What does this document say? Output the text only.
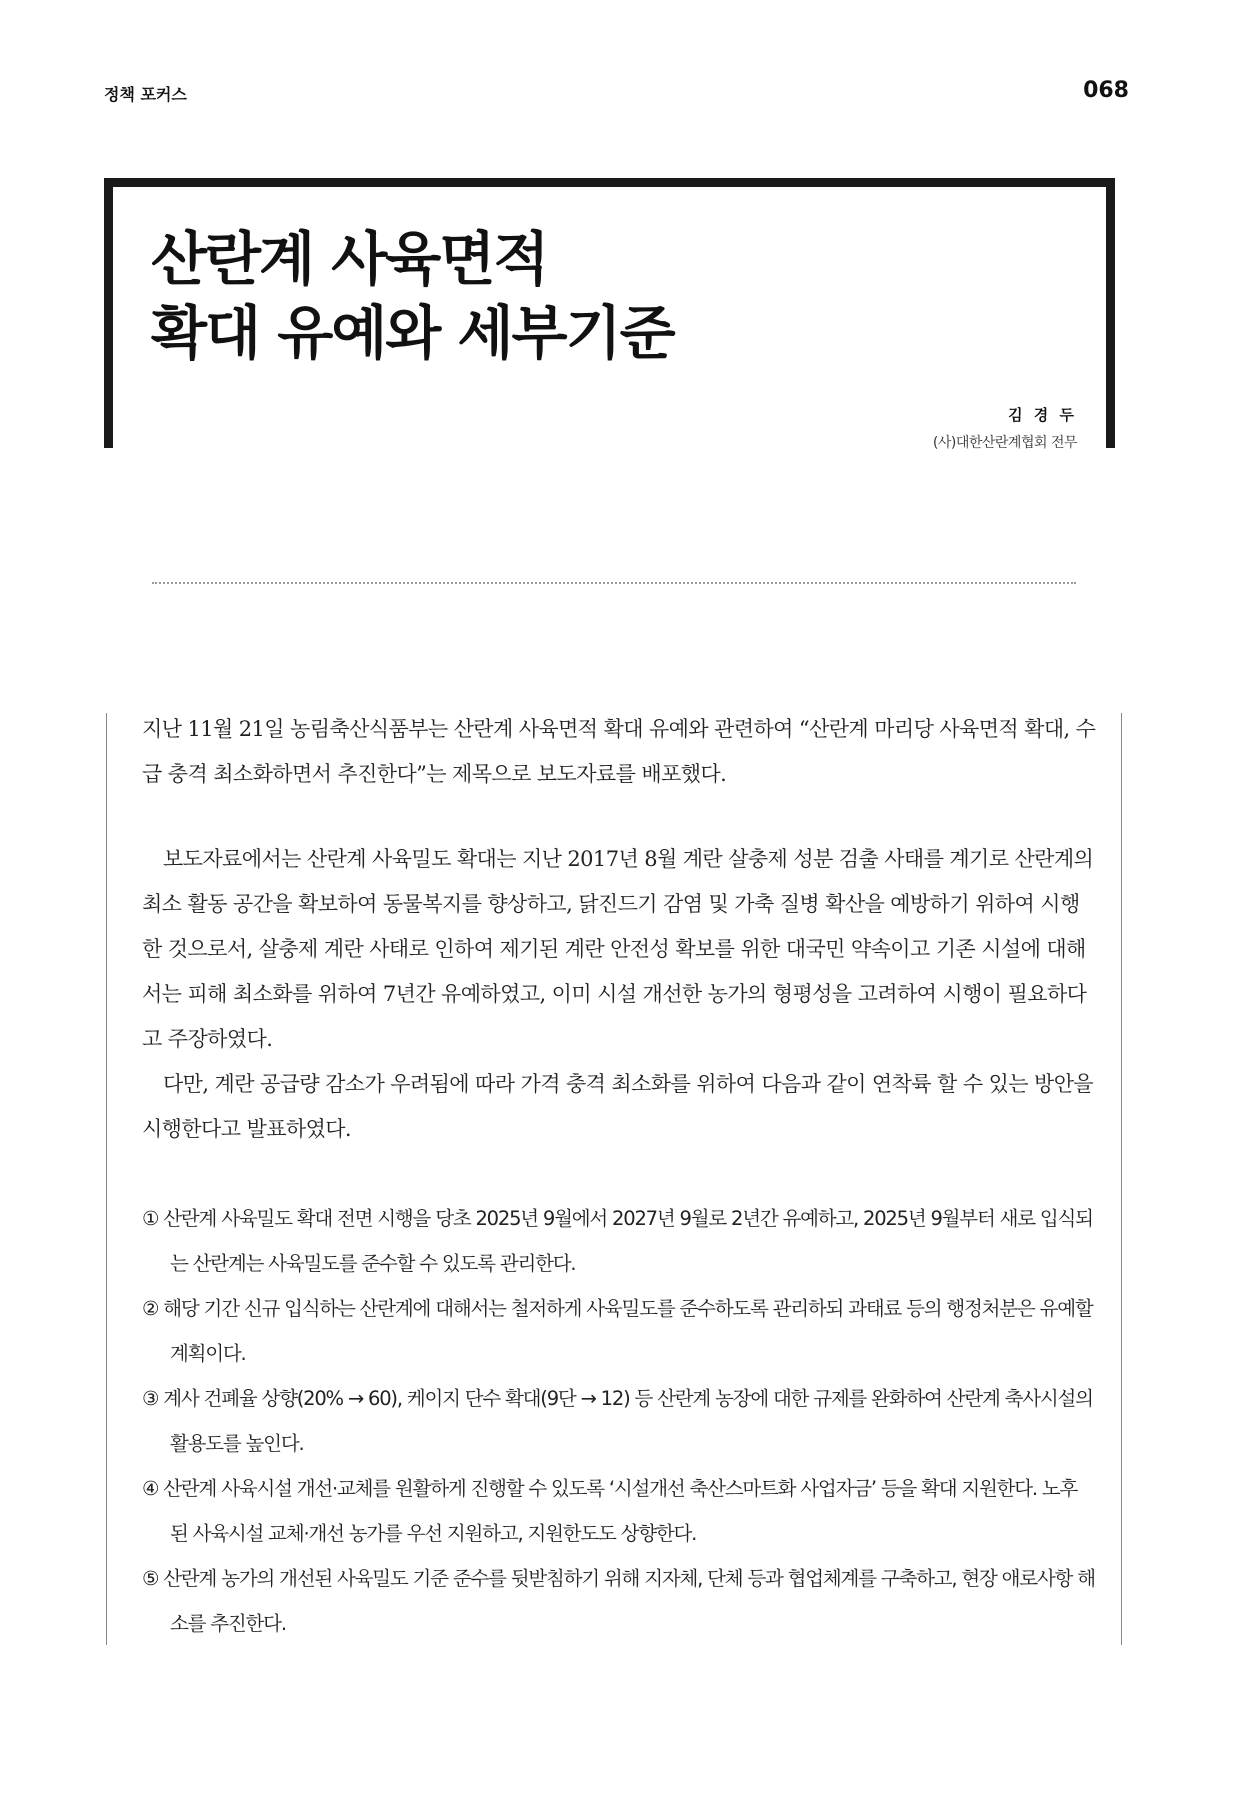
정책 포커스	068
산란계 사육면적
확대 유예와 세부기준
김 경 두
(사)대한산란계협회 전무

지난 11월 21일 농림축산식품부는 산란계 사육면적 확대 유예와 관련하여 “산란계 마리당 사육면적 확대, 수급 충격 최소화하면서 추진한다”는 제목으로 보도자료를 배포했다.

보도자료에서는 산란계 사육밀도 확대는 지난 2017년 8월 계란 살충제 성분 검출 사태를 계기로 산란계의 최소 활동 공간을 확보하여 동물복지를 향상하고, 닭진드기 감염 및 가축 질병 확산을 예방하기 위하여 시행한 것으로서, 살충제 계란 사태로 인하여 제기된 계란 안전성 확보를 위한 대국민 약속이고 기존 시설에 대해서는 피해 최소화를 위하여 7년간 유예하였고, 이미 시설 개선한 농가의 형평성을 고려하여 시행이 필요하다고 주장하였다.

다만, 계란 공급량 감소가 우려됨에 따라 가격 충격 최소화를 위하여 다음과 같이 연착륙 할 수 있는 방안을 시행한다고 발표하였다.

① 산란계 사육밀도 확대 전면 시행을 당초 2025년 9월에서 2027년 9월로 2년간 유예하고, 2025년 9월부터 새로 입식되는 산란계는 사육밀도를 준수할 수 있도록 관리한다.
② 해당 기간 신규 입식하는 산란계에 대해서는 철저하게 사육밀도를 준수하도록 관리하되 과태료 등의 행정처분은 유예할 계획이다.
③ 계사 건폐율 상향(20% → 60), 케이지 단수 확대(9단 → 12) 등 산란계 농장에 대한 규제를 완화하여 산란계 축사시설의 활용도를 높인다.
④ 산란계 사육시설 개선·교체를 원활하게 진행할 수 있도록 ‘시설개선 축산스마트화 사업자금’ 등을 확대 지원한다. 노후 된 사육시설 교체·개선 농가를 우선 지원하고, 지원한도도 상향한다.
⑤ 산란계 농가의 개선된 사육밀도 기준 준수를 뒷받침하기 위해 지자체, 단체 등과 협업체계를 구축하고, 현장 애로사항 해소를 추진한다.
